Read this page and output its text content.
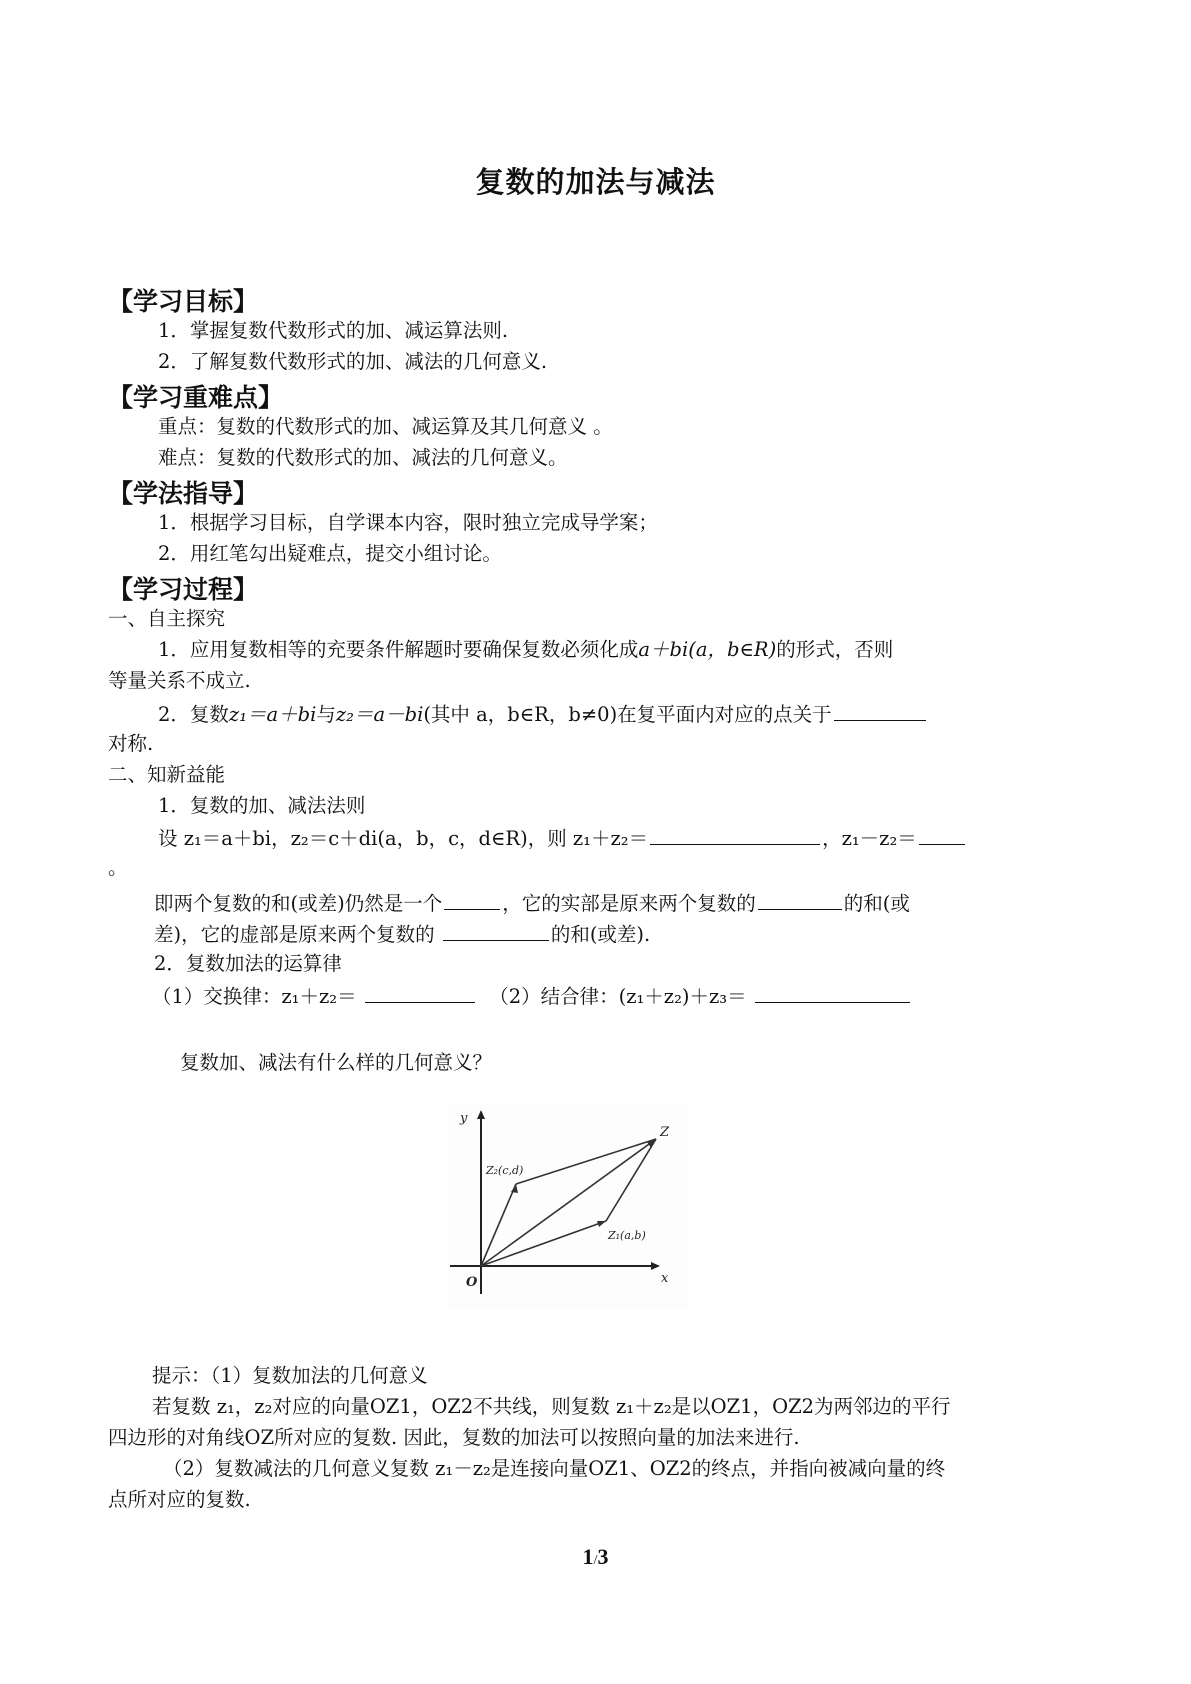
复数的加法与减法
【学习目标】
1．掌握复数代数形式的加、减运算法则.
2．了解复数代数形式的加、减法的几何意义.
【学习重难点】
重点：复数的代数形式的加、减运算及其几何意义 。
难点：复数的代数形式的加、减法的几何意义。
【学法指导】
1．根据学习目标，自学课本内容，限时独立完成导学案；
2．用红笔勾出疑难点，提交小组讨论。
【学习过程】
一、自主探究
1．应用复数相等的充要条件解题时要确保复数必须化成a＋bi(a，b∈R)的形式，否则
等量关系不成立.
2．复数z₁＝a＋bi与z₂＝a－bi(其中 a，b∈R，b≠0)在复平面内对应的点关于
对称.
二、知新益能
1．复数的加、减法法则
设 z₁＝a＋bi，z₂＝c＋di(a，b，c，d∈R)，则 z₁＋z₂＝	，z₁－z₂＝
。
即两个复数的和(或差)仍然是一个	，它的实部是原来两个复数的	的和(或
差)，它的虚部是原来两个复数的	的和(或差).
2．复数加法的运算律
（1）交换律：z₁＋z₂＝	（2）结合律：(z₁＋z₂)＋z₃＝
复数加、减法有什么样的几何意义？
y
x
O
Z
Z₂(c,d)
Z₁(a,b)
提示：（1）复数加法的几何意义
若复数 z₁，z₂对应的向量OZ1，OZ2不共线，则复数 z₁＋z₂是以OZ1，OZ2为两邻边的平行
四边形的对角线OZ所对应的复数. 因此，复数的加法可以按照向量的加法来进行.
（2）复数减法的几何意义复数 z₁－z₂是连接向量OZ1、OZ2的终点，并指向被减向量的终
点所对应的复数.
1/3
